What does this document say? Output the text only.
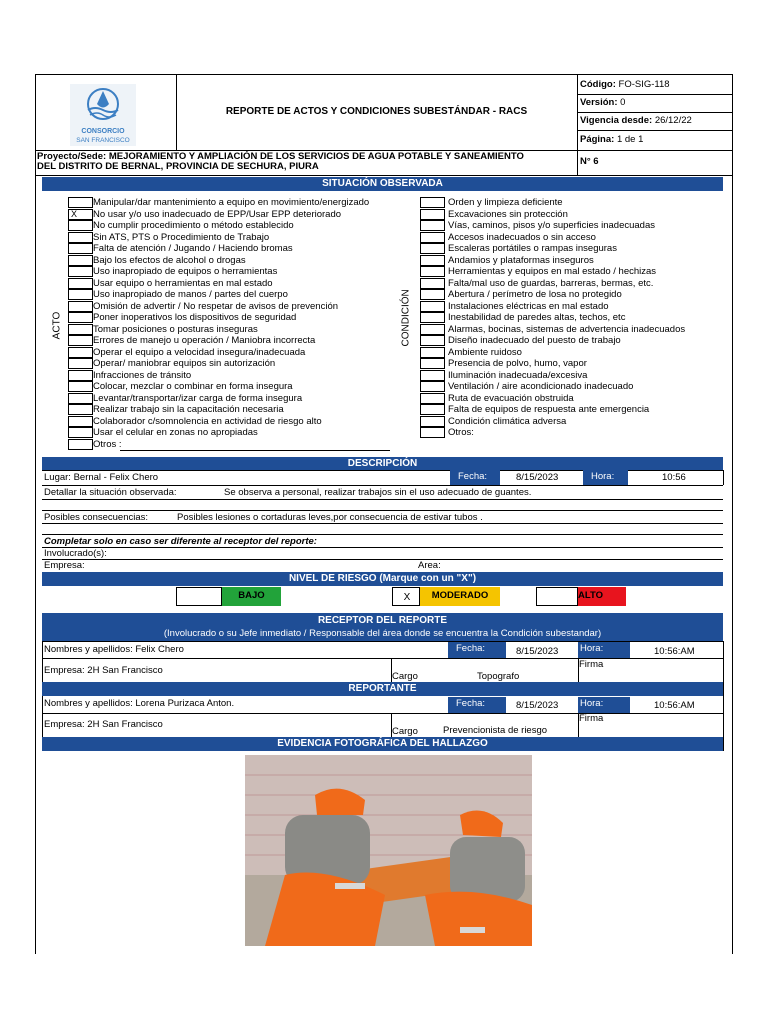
CONSORCIO
SAN FRANCISCO
REPORTE DE ACTOS Y CONDICIONES SUBESTÁNDAR - RACS
Código: FO-SIG-118
Versión: 0
Vigencia desde: 26/12/22
Página: 1 de 1
Proyecto/Sede: MEJORAMIENTO Y AMPLIACIÓN DE LOS SERVICIOS DE AGUA POTABLE Y SANEAMIENTO
DEL DISTRITO DE BERNAL, PROVINCIA DE SECHURA, PIURA	N° 6
SITUACIÓN OBSERVADA
ACTO	CONDICIÓN
Manipular/dar mantenimiento a equipo en movimiento/energizado
X	No usar y/o uso inadecuado de EPP/Usar EPP deteriorado
No cumplir procedimiento o método establecido
Sin ATS, PTS o Procedimiento de Trabajo
Falta de atención / Jugando / Haciendo bromas
Bajo los efectos de alcohol o drogas
Uso inapropiado de equipos o herramientas
Usar equipo o herramientas en mal estado
Uso inapropiado de manos / partes del cuerpo
Omisión de advertir / No respetar de avisos de prevención
Poner inoperativos los dispositivos de seguridad
Tomar posiciones o posturas inseguras
Errores de manejo u operación / Maniobra incorrecta
Operar el equipo a velocidad insegura/inadecuada
Operar/ maniobrar equipos sin autorización
Infracciones de tránsito
Colocar, mezclar o combinar en forma insegura
Levantar/transportar/izar carga de forma insegura
Realizar trabajo sin la capacitación necesaria
Colaborador c/somnolencia en actividad de riesgo alto
Usar el celular en zonas no apropiadas
Otros :
Orden y limpieza deficiente
Excavaciones sin protección
Vías, caminos, pisos y/o superficies inadecuadas
Accesos inadecuados o sin acceso
Escaleras portátiles o rampas inseguras
Andamios y plataformas inseguros
Herramientas y equipos en mal estado / hechizas
Falta/mal uso de guardas, barreras, bermas, etc.
Abertura / perímetro de losa no protegido
Instalaciones eléctricas en mal estado
Inestabilidad de paredes altas, techos, etc
Alarmas, bocinas, sistemas de advertencia inadecuados
Diseño inadecuado del puesto de trabajo
Ambiente ruidoso
Presencia de polvo, humo, vapor
Iluminación inadecuada/excesiva
Ventilación / aire acondicionado inadecuado
Ruta de evacuación obstruida
Falta de equipos de respuesta ante emergencia
Condición climática adversa
Otros:
DESCRIPCIÓN
Lugar: Bernal - Felix Chero	Fecha:	8/15/2023	Hora:	10:56
Detallar la situación observada:	Se observa a personal, realizar trabajos sin el uso adecuado de guantes.
Posibles consecuencias:	Posibles lesiones o cortaduras leves,por consecuencia de estivar tubos .
Completar solo en caso ser diferente al receptor del reporte:
Involucrado(s):
Empresa:	Area:
NIVEL DE RIESGO (Marque con un "X")
BAJO	X	MODERADO	ALTO
RECEPTOR DEL REPORTE
(Involucrado o su Jefe inmediato / Responsable del área donde se encuentra la Condición subestandar)
Nombres y apellidos: Felix Chero	Fecha:	8/15/2023 Hora:	10:56:AM
Empresa: 2H San Francisco
Cargo	Topografo
Firma
REPORTANTE
Nombres y apellidos: Lorena Purizaca Anton.	Fecha:	8/15/2023 Hora:	10:56:AM
Empresa: 2H San Francisco
Cargo	Prevencionista de riesgo
Firma
EVIDENCIA FOTOGRÁFICA DEL HALLAZGO
